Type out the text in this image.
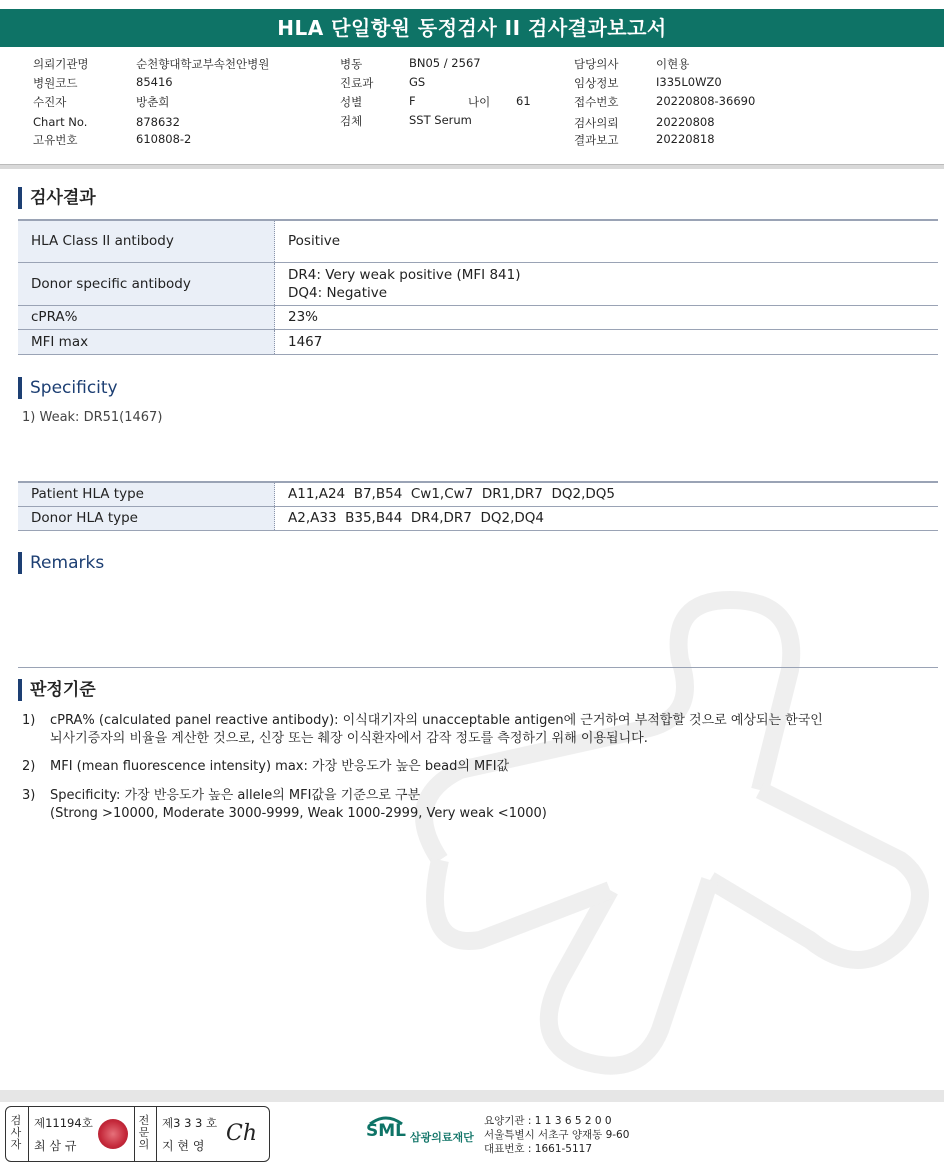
HLA 단일항원 동정검사 II 검사결과보고서
의뢰기관명	순천향대학교부속천안병원
병원코드	85416
수진자	방춘희
Chart No.	878632
고유번호	610808-2
병동	BN05 / 2567
진료과	GS
성별	F	나이 61
검체	SST Serum
담당의사	이현용
임상정보	I335L0WZ0
접수번호	20220808-36690
검사의뢰	20220808
결과보고	20220818
검사결과
HLA Class II antibody	Positive
Donor specific antibody	DR4: Very weak positive (MFI 841)
DQ4: Negative

cPRA%	23%
MFI max	1467
Specificity
1) Weak: DR51(1467)
Patient HLA type	A11,A24  B7,B54  Cw1,Cw7  DR1,DR7  DQ2,DQ5
Donor HLA type	A2,A33  B35,B44  DR4,DR7  DQ2,DQ4
Remarks
판정기준
1) cPRA% (calculated panel reactive antibody): 이식대기자의 unacceptable antigen에 근거하여 부적합할 것으로 예상되는 한국인
뇌사기증자의 비율을 계산한 것으로, 신장 또는 췌장 이식환자에서 감작 정도를 측정하기 위해 이용됩니다.
2) MFI (mean fluorescence intensity) max: 가장 반응도가 높은 bead의 MFI값
3) Specificity: 가장 반응도가 높은 allele의 MFI값을 기준으로 구분
(Strong >10000, Moderate 3000-9999, Weak 1000-2999, Very weak <1000)
검
사
자
제11194호
최 삼 규
전
문
의
제3 3 3 호
지 현 영 Ch	SML 삼광의료재단
요양기관 : 1 1 3 6 5 2 0 0
서울특별시 서초구 양재동 9-60
대표번호 : 1661-5117
